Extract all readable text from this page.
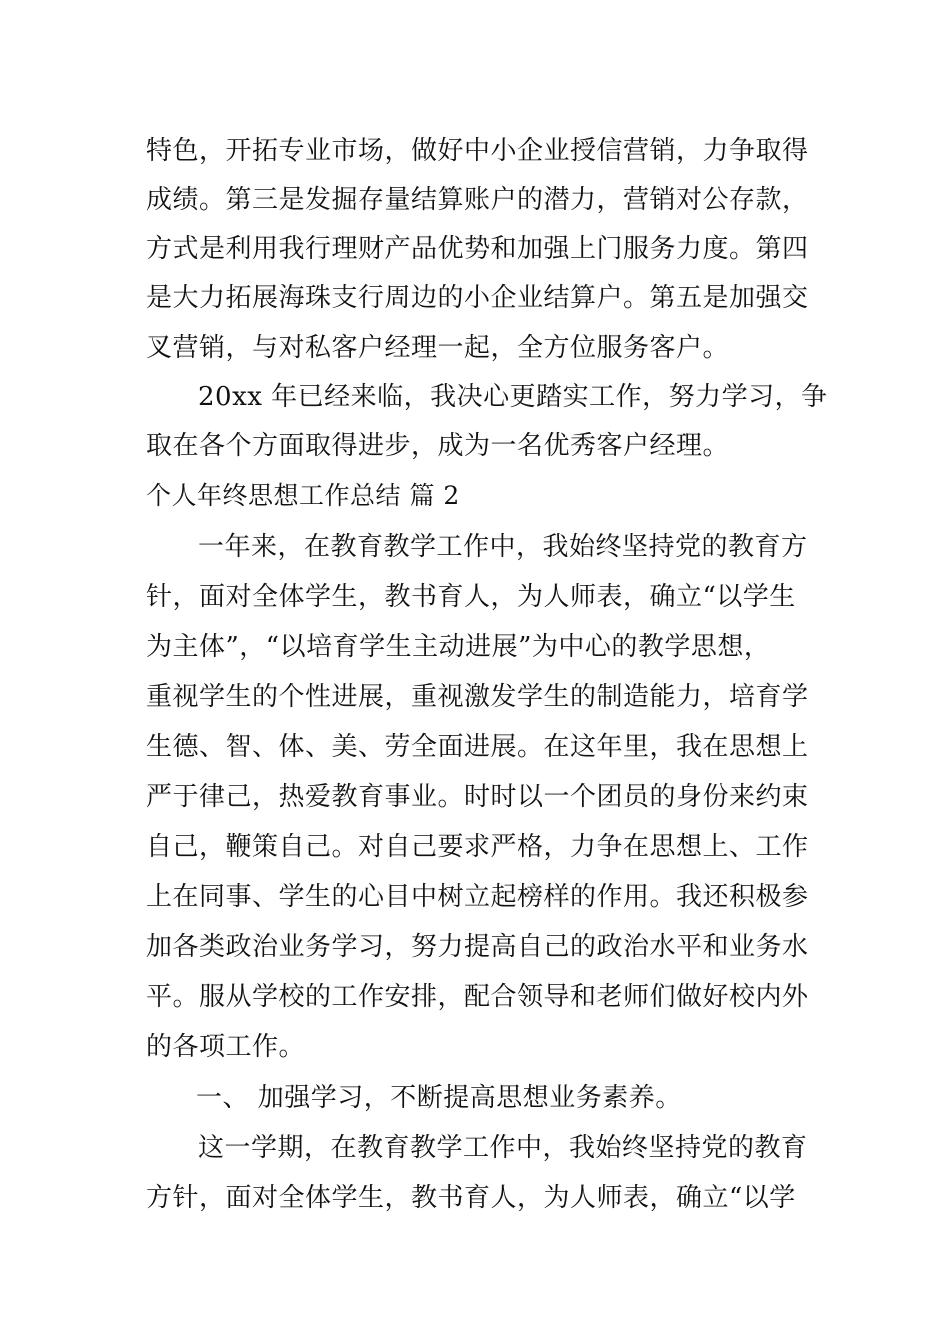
特色，开拓专业市场，做好中小企业授信营销，力争取得
成绩。第三是发掘存量结算账户的潜力，营销对公存款，
方式是利用我行理财产品优势和加强上门服务力度。第四
是大力拓展海珠支行周边的小企业结算户。第五是加强交
叉营销，与对私客户经理一起，全方位服务客户。
20xx 年已经来临，我决心更踏实工作，努力学习，争
取在各个方面取得进步，成为一名优秀客户经理。
个人年终思想工作总结 篇 2
一年来，在教育教学工作中，我始终坚持党的教育方
针，面对全体学生，教书育人，为人师表，确立“以学生
为主体”，“以培育学生主动进展”为中心的教学思想，
重视学生的个性进展，重视激发学生的制造能力，培育学
生德、智、体、美、劳全面进展。在这年里，我在思想上
严于律己，热爱教育事业。时时以一个团员的身份来约束
自己，鞭策自己。对自己要求严格，力争在思想上、工作
上在同事、学生的心目中树立起榜样的作用。我还积极参
加各类政治业务学习，努力提高自己的政治水平和业务水
平。服从学校的工作安排，配合领导和老师们做好校内外
的各项工作。
一、 加强学习，不断提高思想业务素养。
这一学期，在教育教学工作中，我始终坚持党的教育
方针，面对全体学生，教书育人，为人师表，确立“以学
